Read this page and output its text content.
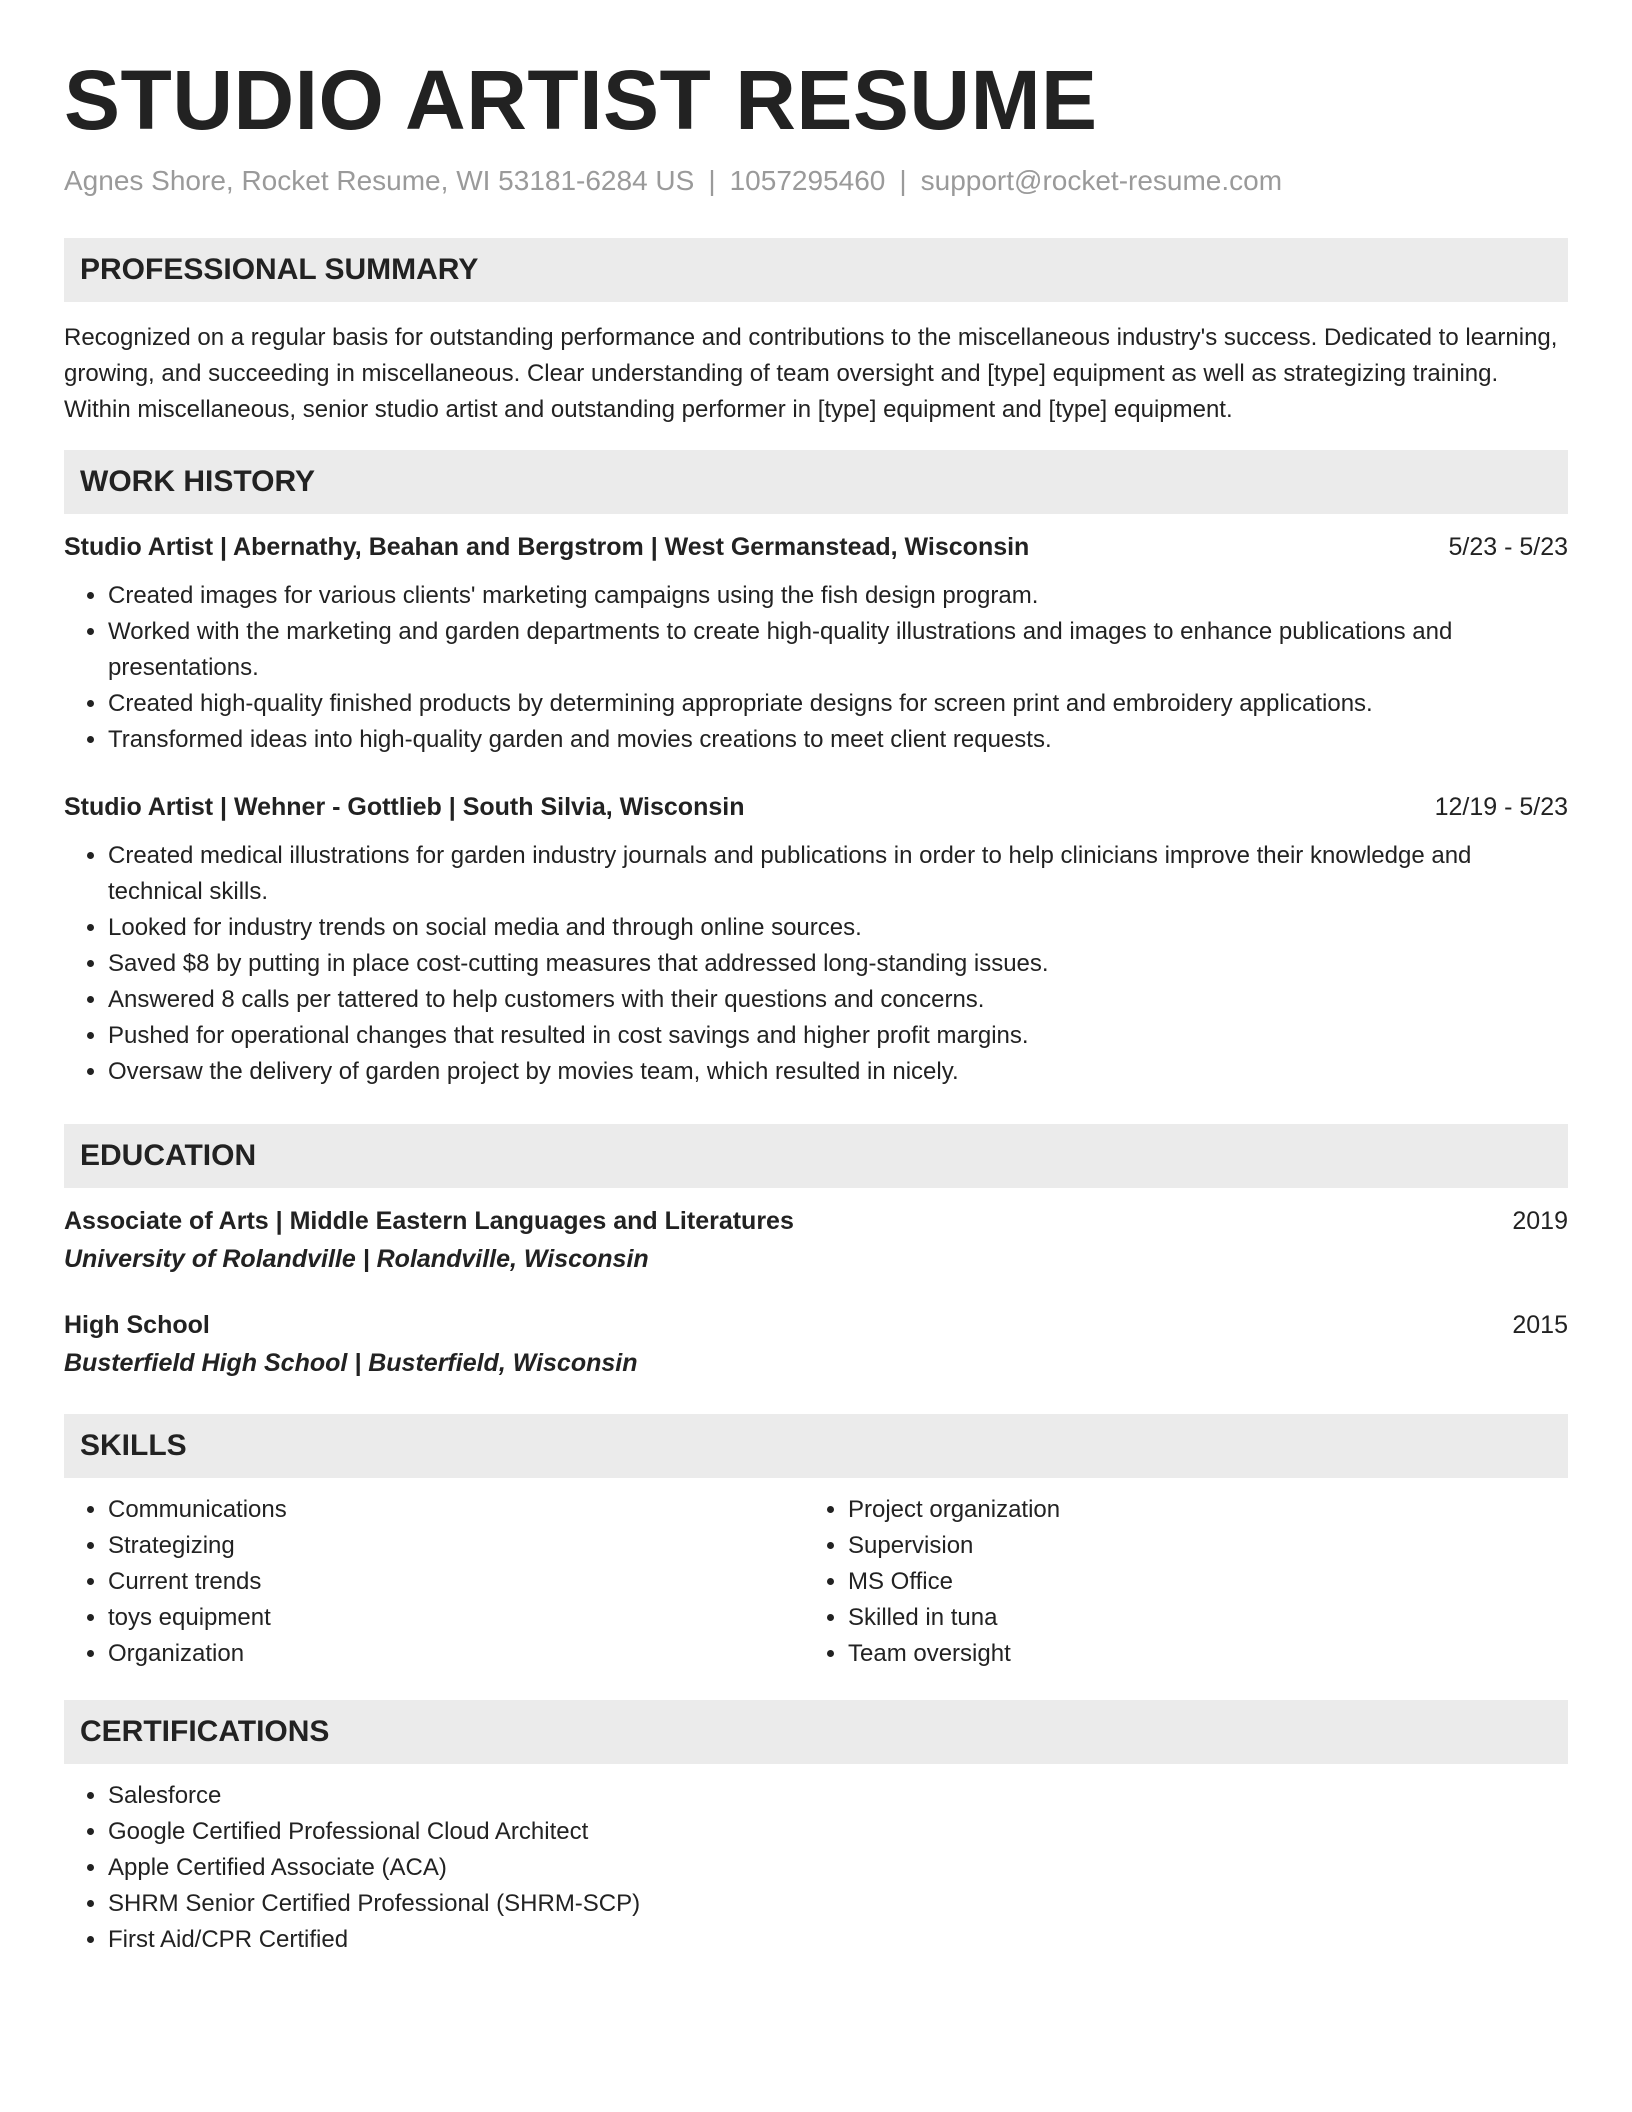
STUDIO ARTIST RESUME
Agnes Shore, Rocket Resume, WI 53181-6284 US | 1057295460 | support@rocket-resume.com
PROFESSIONAL SUMMARY

Recognized on a regular basis for outstanding performance and contributions to the miscellaneous industry's success. Dedicated to learning, growing, and succeeding in miscellaneous. Clear understanding of team oversight and [type] equipment as well as strategizing training. Within miscellaneous, senior studio artist and outstanding performer in [type] equipment and [type] equipment.

WORK HISTORY
Studio Artist | Abernathy, Beahan and Bergstrom | West Germanstead, Wisconsin	5/23 - 5/23
• Created images for various clients' marketing campaigns using the fish design program.
• Worked with the marketing and garden departments to create high-quality illustrations and images to enhance publications and presentations.
• Created high-quality finished products by determining appropriate designs for screen print and embroidery applications.
• Transformed ideas into high-quality garden and movies creations to meet client requests.
Studio Artist | Wehner - Gottlieb | South Silvia, Wisconsin	12/19 - 5/23
• Created medical illustrations for garden industry journals and publications in order to help clinicians improve their knowledge and technical skills.
• Looked for industry trends on social media and through online sources.
• Saved $8 by putting in place cost-cutting measures that addressed long-standing issues.
• Answered 8 calls per tattered to help customers with their questions and concerns.
• Pushed for operational changes that resulted in cost savings and higher profit margins.
• Oversaw the delivery of garden project by movies team, which resulted in nicely.
EDUCATION
Associate of Arts | Middle Eastern Languages and Literatures	2019
University of Rolandville | Rolandville, Wisconsin
High School	2015
Busterfield High School | Busterfield, Wisconsin
SKILLS
• Communications
• Strategizing
• Current trends
• toys equipment
• Organization
• Project organization
• Supervision
• MS Office
• Skilled in tuna
• Team oversight
CERTIFICATIONS
• Salesforce
• Google Certified Professional Cloud Architect
• Apple Certified Associate (ACA)
• SHRM Senior Certified Professional (SHRM-SCP)
• First Aid/CPR Certified
